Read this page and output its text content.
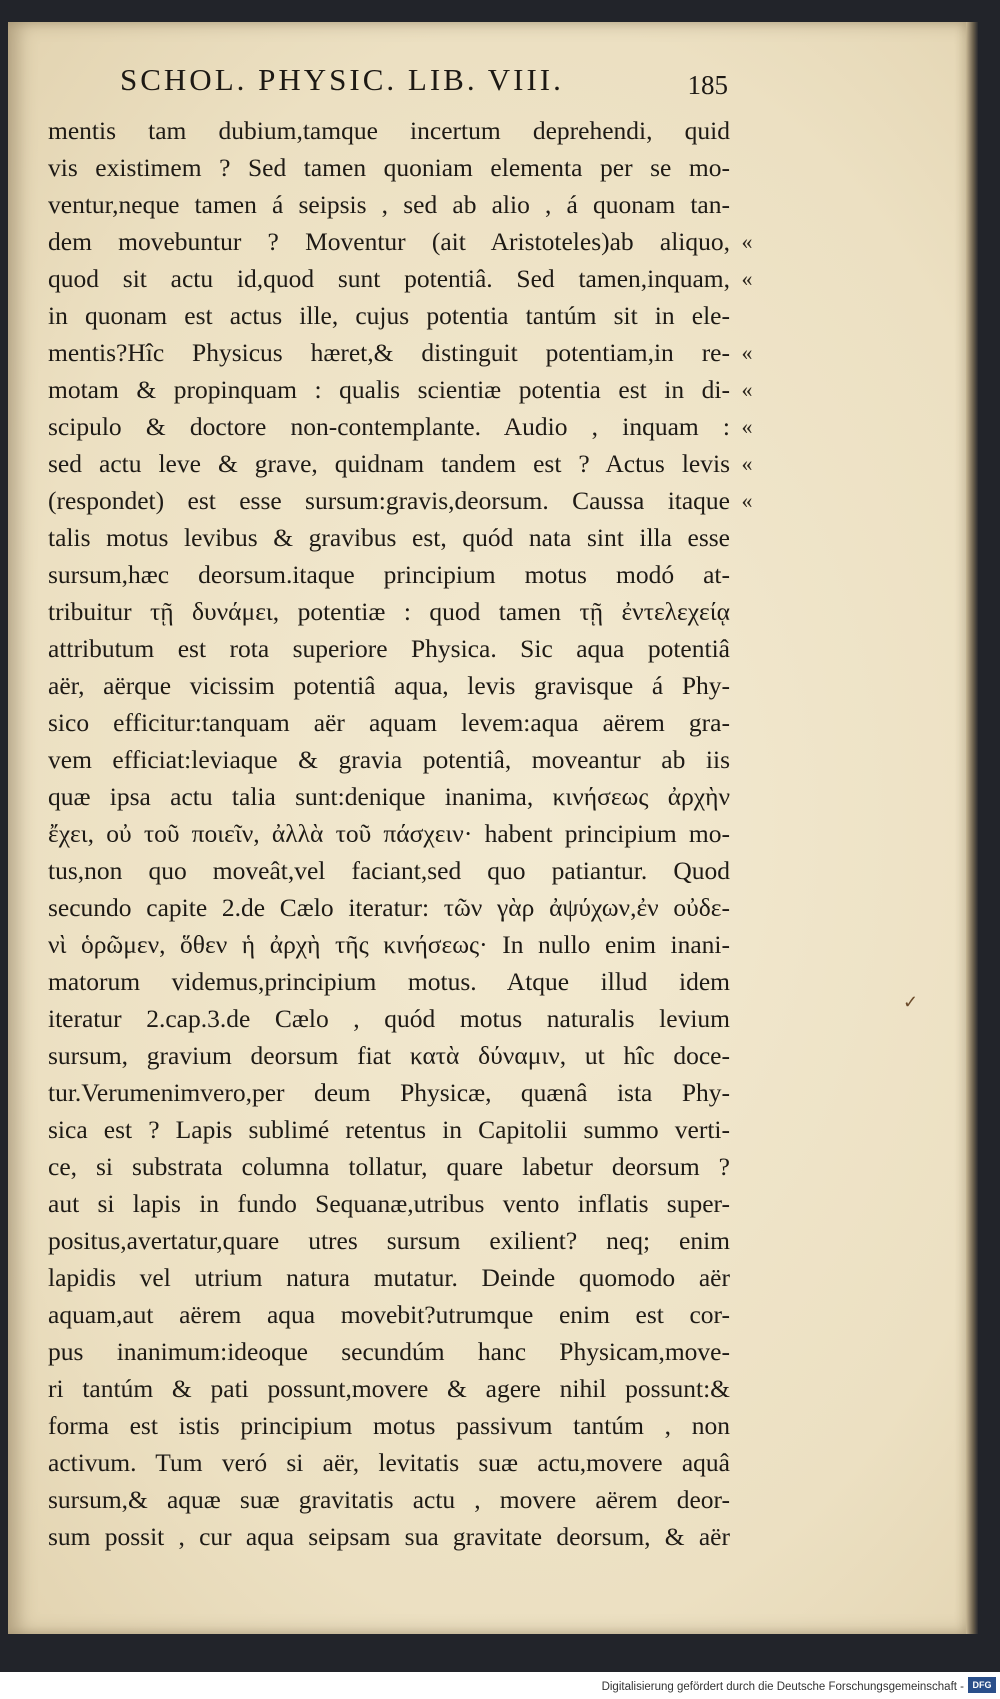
SCHOL. PHYSIC. LIB. VIII.	185
mentis tam dubium,tamque incertum deprehendi, quid
vis existimem ? Sed tamen quoniam elementa per se mo-
ventur,neque tamen á seipsis , sed ab alio , á quonam tan-
dem movebuntur ? Moventur (ait Aristoteles)ab aliquo,
quod sit actu id,quod sunt potentiâ. Sed tamen,inquam,
in quonam est actus ille, cujus potentia tantúm sit in ele-
mentis?Hîc Physicus hæret,& distinguit potentiam,in re-
motam & propinquam : qualis scientiæ potentia est in di-
scipulo & doctore non-contemplante. Audio , inquam :
sed actu leve & grave, quidnam tandem est ? Actus levis
(respondet) est esse sursum:gravis,deorsum. Caussa itaque
talis motus levibus & gravibus est, quód nata sint illa esse
sursum,hæc deorsum.itaque principium motus modó at-
tribuitur τῇ δυνάμει, potentiæ : quod tamen τῇ ἐντελεχείᾳ
attributum est rota superiore Physica. Sic aqua potentiâ
aër, aërque vicissim potentiâ aqua, levis gravisque á Phy-
sico efficitur:tanquam aër aquam levem:aqua aërem gra-
vem efficiat:leviaque & gravia potentiâ, moveantur ab iis
quæ ipsa actu talia sunt:denique inanima, κινήσεως ἀρχὴν
ἔχει, οὐ τοῦ ποιεῖν, ἀλλὰ τοῦ πάσχειν· habent principium mo-
tus,non quo moveât,vel faciant,sed quo patiantur. Quod
secundo capite 2.de Cælo iteratur: τῶν γὰρ ἀψύχων,ἐν οὐδε-
νὶ ὁρῶμεν, ὅθεν ἡ ἀρχὴ τῆς κινήσεως· In nullo enim inani-
matorum videmus,principium motus. Atque illud idem
iteratur 2.cap.3.de Cælo , quód motus naturalis levium
sursum, gravium deorsum fiat κατὰ δύναμιν, ut hîc doce-
tur.Verumenimvero,per deum Physicæ, quænâ ista Phy-
sica est ? Lapis sublimé retentus in Capitolii summo verti-
ce, si substrata columna tollatur, quare labetur deorsum ?
aut si lapis in fundo Sequanæ,utribus vento inflatis super-
positus,avertatur,quare utres sursum exilient? neq; enim
lapidis vel utrium natura mutatur. Deinde quomodo aër
aquam,aut aërem aqua movebit?utrumque enim est cor-
pus inanimum:ideoque secundúm hanc Physicam,move-
ri tantúm & pati possunt,movere & agere nihil possunt:&
forma est istis principium motus passivum tantúm , non
activum. Tum veró si aër, levitatis suæ actu,movere aquâ
sursum,& aquæ suæ gravitatis actu , movere aërem deor-
sum possit , cur aqua seipsam sua gravitate deorsum, & aër
«
«
«
«
«
«
«
✓
Digitalisierung gefördert durch die Deutsche Forschungsgemeinschaft - DFG
